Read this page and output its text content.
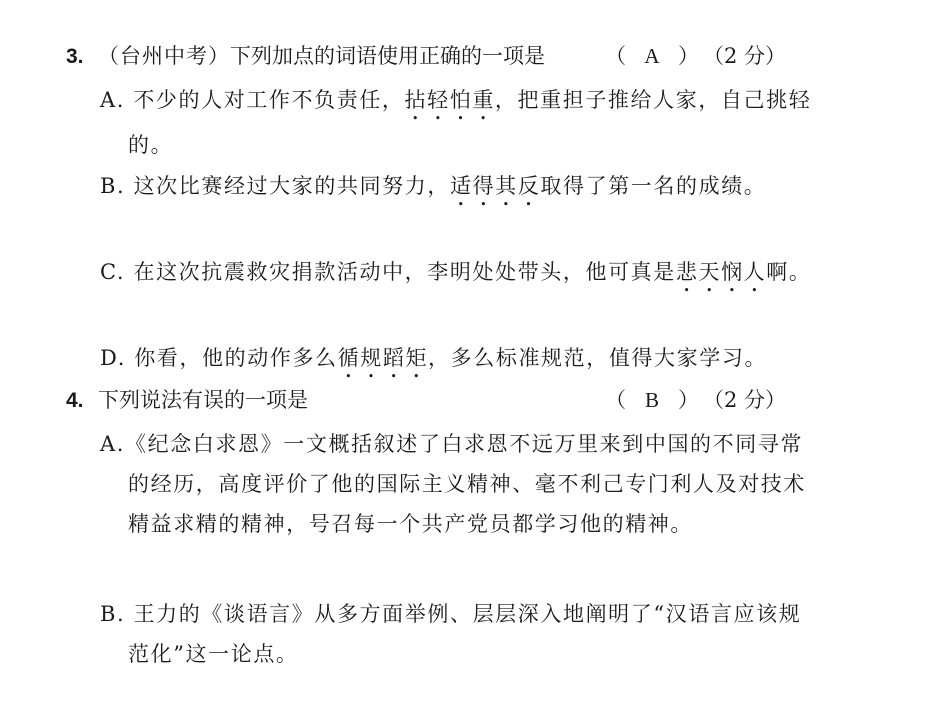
3. （台州中考）下列加点的词语使用正确的一项是	（ A ） （2 分）
A. 不少的人对工作不负责任，拈轻怕重，把重担子推给人家，自己挑轻的。
B. 这次比赛经过大家的共同努力，适得其反取得了第一名的成绩。
C. 在这次抗震救灾捐款活动中，李明处处带头，他可真是悲天悯人啊。
D. 你看，他的动作多么循规蹈矩，多么标准规范，值得大家学习。
4. 下列说法有误的一项是	（ B ） （2 分）
A.《纪念白求恩》一文概括叙述了白求恩不远万里来到中国的不同寻常的经历，高度评价了他的国际主义精神、毫不利己专门利人及对技术精益求精的精神，号召每一个共产党员都学习他的精神。
B. 王力的《谈语言》从多方面举例、层层深入地阐明了“汉语言应该规范化”这一论点。
